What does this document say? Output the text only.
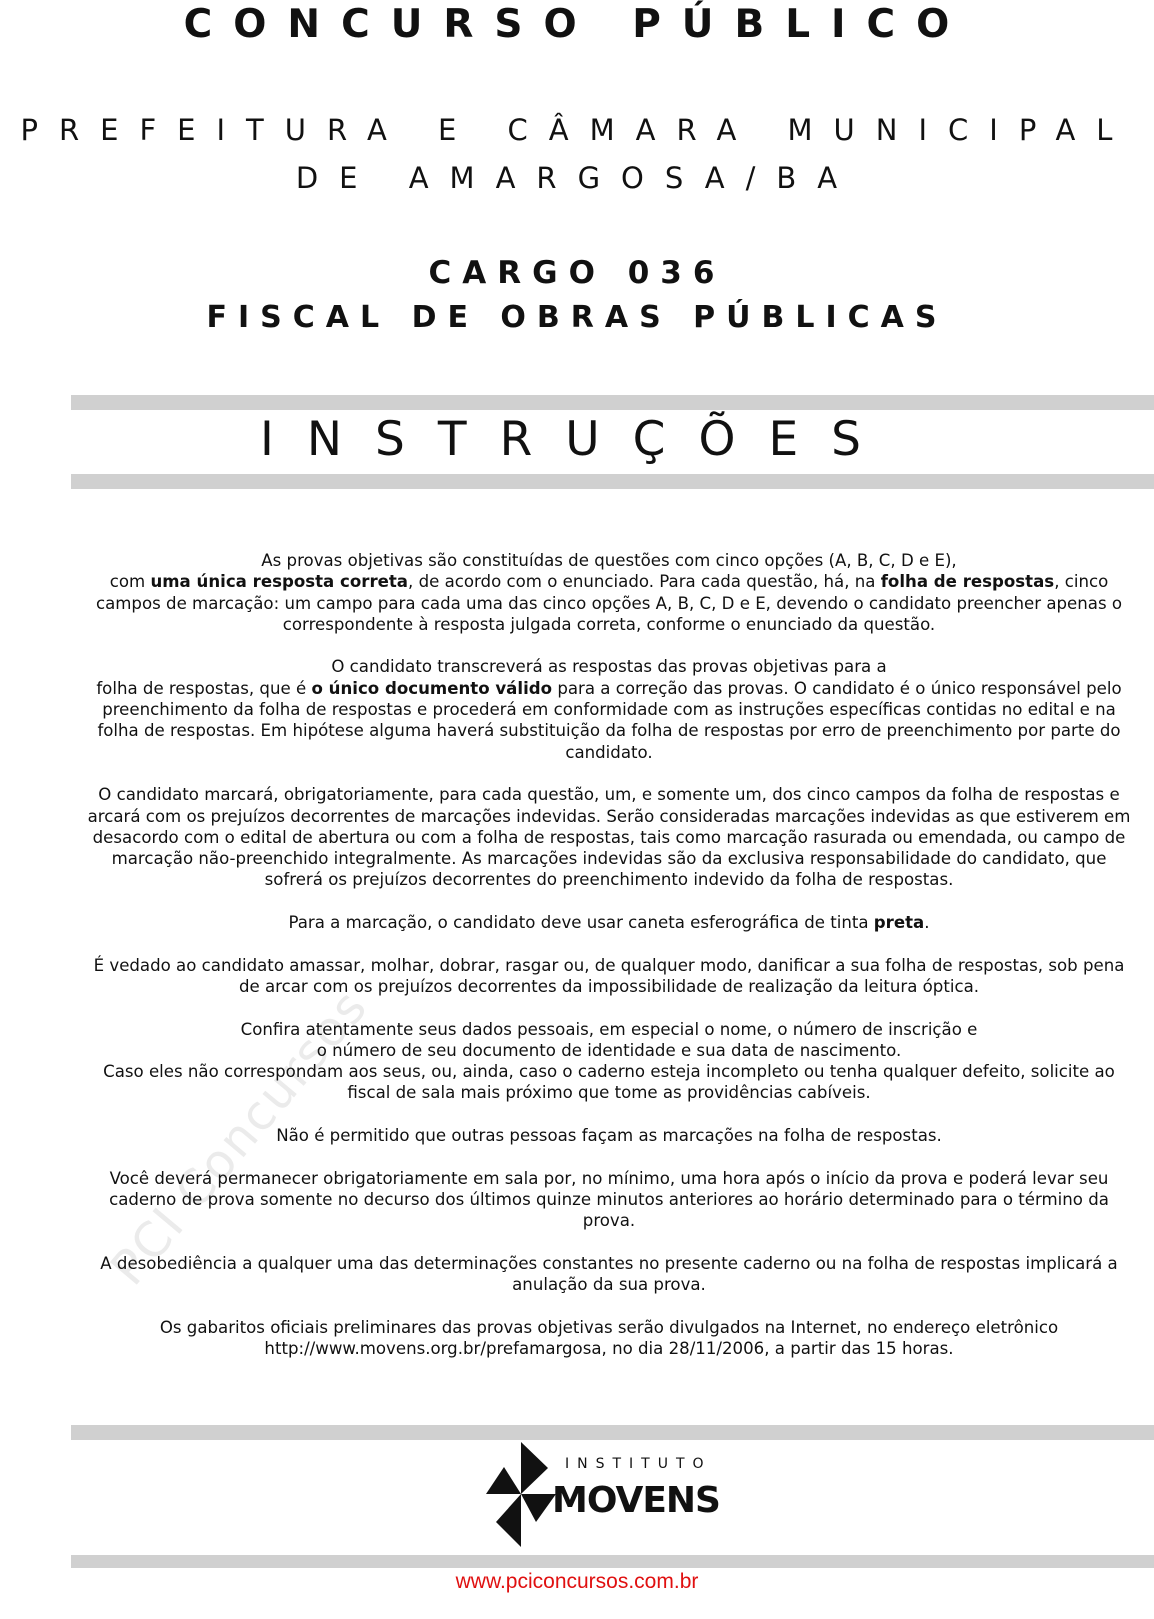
CONCURSO PÚBLICO
PREFEITURA E CÂMARA MUNICIPAL
DE AMARGOSA/BA
CARGO 036
FISCAL DE OBRAS PÚBLICAS
INSTRUÇÕES
PCI Concursos

As provas objetivas são constituídas de questões com cinco opções (A, B, C, D e E),
com uma única resposta correta, de acordo com o enunciado. Para cada questão, há, na folha de respostas, cinco campos de marcação: um campo para cada uma das cinco opções A, B, C, D e E, devendo o candidato preencher apenas o correspondente à resposta julgada correta, conforme o enunciado da questão.

O candidato transcreverá as respostas das provas objetivas para a
folha de respostas, que é o único documento válido para a correção das provas. O candidato é o único responsável pelo preenchimento da folha de respostas e procederá em conformidade com as instruções específicas contidas no edital e na folha de respostas. Em hipótese alguma haverá substituição da folha de respostas por erro de preenchimento por parte do candidato.

O candidato marcará, obrigatoriamente, para cada questão, um, e somente um, dos cinco campos da folha de respostas e arcará com os prejuízos decorrentes de marcações indevidas. Serão consideradas marcações indevidas as que estiverem em desacordo com o edital de abertura ou com a folha de respostas, tais como marcação rasurada ou emendada, ou campo de marcação não-preenchido integralmente. As marcações indevidas são da exclusiva responsabilidade do candidato, que sofrerá os prejuízos decorrentes do preenchimento indevido da folha de respostas.

Para a marcação, o candidato deve usar caneta esferográfica de tinta preta.

É vedado ao candidato amassar, molhar, dobrar, rasgar ou, de qualquer modo, danificar a sua folha de respostas, sob pena de arcar com os prejuízos decorrentes da impossibilidade de realização da leitura óptica.

Confira atentamente seus dados pessoais, em especial o nome, o número de inscrição e
o número de seu documento de identidade e sua data de nascimento.
Caso eles não correspondam aos seus, ou, ainda, caso o caderno esteja incompleto ou tenha qualquer defeito, solicite ao fiscal de sala mais próximo que tome as providências cabíveis.

Não é permitido que outras pessoas façam as marcações na folha de respostas.

Você deverá permanecer obrigatoriamente em sala por, no mínimo, uma hora após o início da prova e poderá levar seu caderno de prova somente no decurso dos últimos quinze minutos anteriores ao horário determinado para o término da prova.

A desobediência a qualquer uma das determinações constantes no presente caderno ou na folha de respostas implicará a anulação da sua prova.

Os gabaritos oficiais preliminares das provas objetivas serão divulgados na Internet, no endereço eletrônico http://www.movens.org.br/prefamargosa, no dia 28/11/2006, a partir das 15 horas.

INSTITUTO
MOVENS
www.pciconcursos.com.br
